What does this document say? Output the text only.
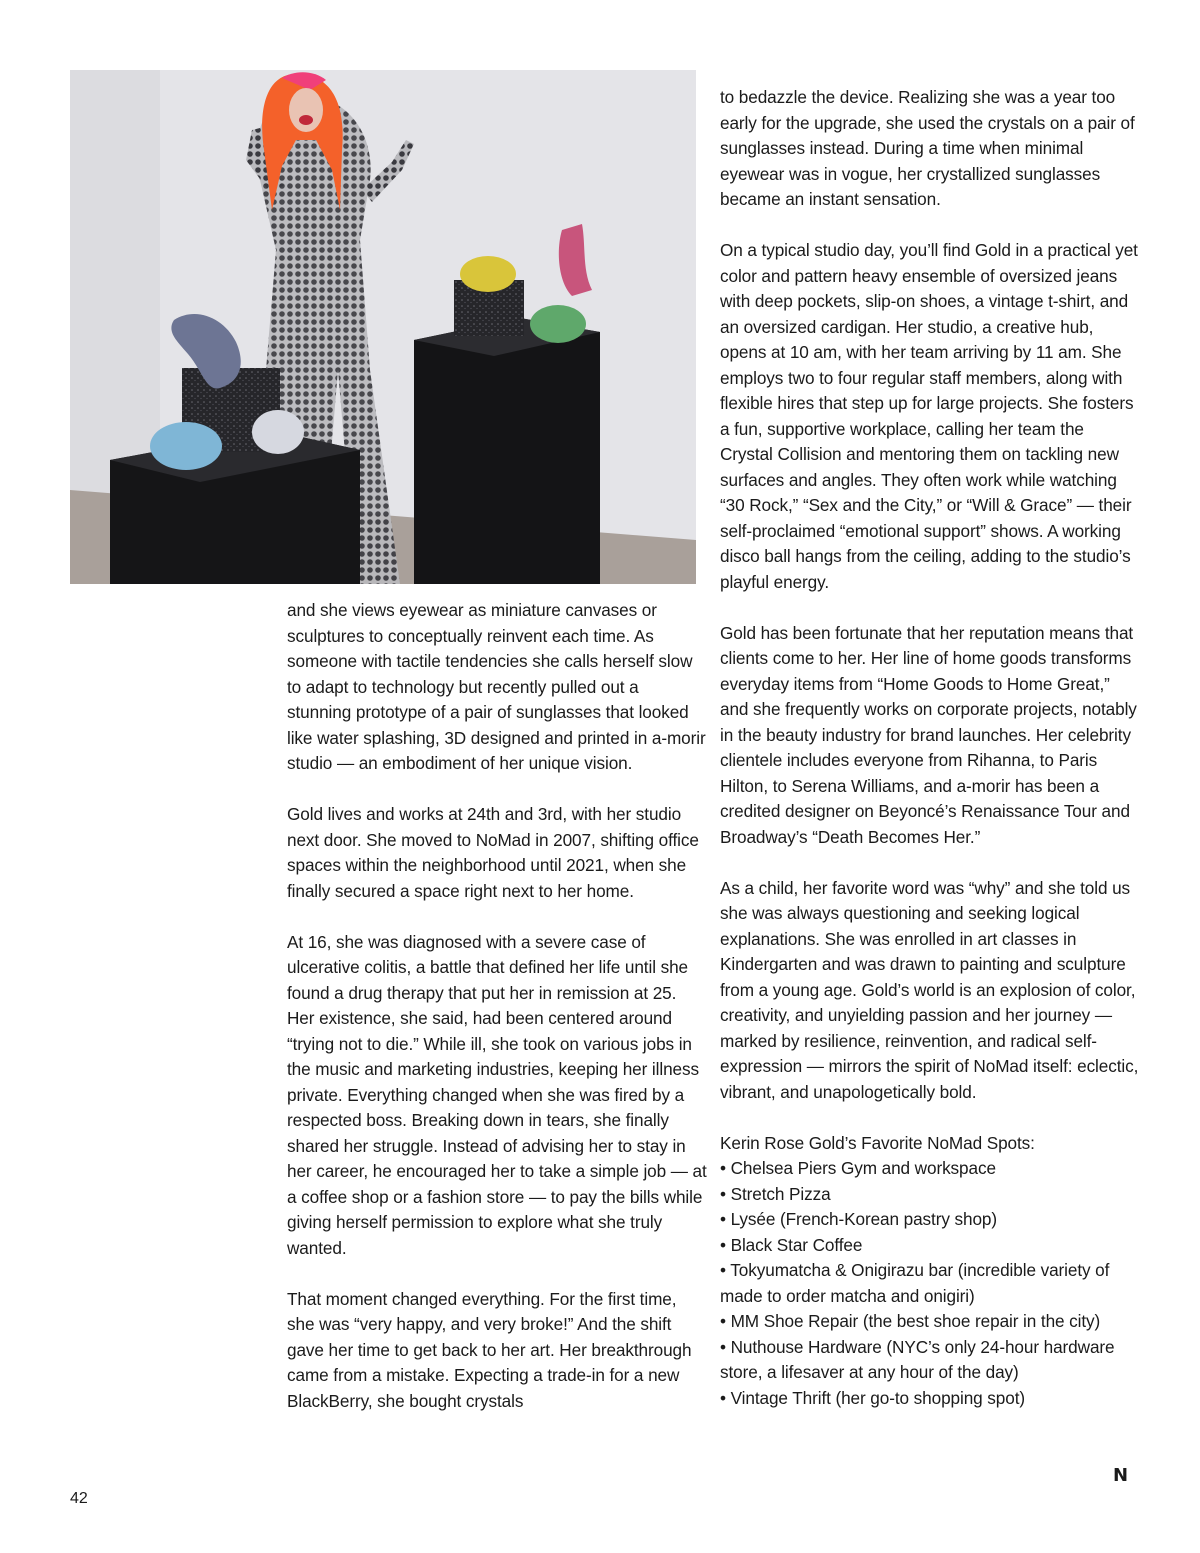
and she views eyewear as miniature canvases or sculptures to conceptually reinvent each time. As someone with tactile tendencies she calls herself slow to adapt to technology but recently pulled out a stunning prototype of a pair of sunglasses that looked like water splashing, 3D designed and printed in a-morir studio — an embodiment of her unique vision.

Gold lives and works at 24th and 3rd, with her studio next door. She moved to NoMad in 2007, shifting office spaces within the neighborhood until 2021, when she finally secured a space right next to her home.

At 16, she was diagnosed with a severe case of ulcerative colitis, a battle that defined her life until she found a drug therapy that put her in remission at 25. Her existence, she said, had been centered around “trying not to die.” While ill, she took on various jobs in the music and marketing industries, keeping her illness private. Everything changed when she was fired by a respected boss. Breaking down in tears, she finally shared her struggle. Instead of advising her to stay in her career, he encouraged her to take a simple job — at a coffee shop or a fashion store — to pay the bills while giving herself permission to explore what she truly wanted.

That moment changed everything. For the first time, she was “very happy, and very broke!” And the shift gave her time to get back to her art. Her breakthrough came from a mistake. Expecting a trade-in for a new BlackBerry, she bought crystals

to bedazzle the device. Realizing she was a year too early for the upgrade, she used the crystals on a pair of sunglasses instead. During a time when minimal eyewear was in vogue, her crystallized sunglasses became an instant sensation.

On a typical studio day, you’ll find Gold in a practical yet color and pattern heavy ensemble of oversized jeans with deep pockets, slip-on shoes, a vintage t-shirt, and an oversized cardigan. Her studio, a creative hub, opens at 10 am, with her team arriving by 11 am. She employs two to four regular staff members, along with flexible hires that step up for large projects. She fosters a fun, supportive workplace, calling her team the Crystal Collision and mentoring them on tackling new surfaces and angles. They often work while watching “30 Rock,” “Sex and the City,” or “Will & Grace” — their self-proclaimed “emotional support” shows. A working disco ball hangs from the ceiling, adding to the studio’s playful energy.

Gold has been fortunate that her reputation means that clients come to her. Her line of home goods transforms everyday items from “Home Goods to Home Great,” and she frequently works on corporate projects, notably in the beauty industry for brand launches. Her celebrity clientele includes everyone from Rihanna, to Paris Hilton, to Serena Williams, and a-morir has been a credited designer on Beyoncé’s Renaissance Tour and Broadway’s “Death Becomes Her.”

As a child, her favorite word was “why” and she told us she was always questioning and seeking logical explanations. She was enrolled in art classes in Kindergarten and was drawn to painting and sculpture from a young age. Gold’s world is an explosion of color, creativity, and unyielding passion and her journey — marked by resilience, reinvention, and radical self-expression — mirrors the spirit of NoMad itself: eclectic, vibrant, and unapologetically bold.

Kerin Rose Gold’s Favorite NoMad Spots:
• Chelsea Piers Gym and workspace
• Stretch Pizza
• Lysée (French-Korean pastry shop)
• Black Star Coffee
• Tokyumatcha & Onigirazu bar (incredible variety of made to order matcha and onigiri)
• MM Shoe Repair (the best shoe repair in the city)
• Nuthouse Hardware (NYC’s only 24-hour hardware store, a lifesaver at any hour of the day)
• Vintage Thrift (her go-to shopping spot)
42
N
